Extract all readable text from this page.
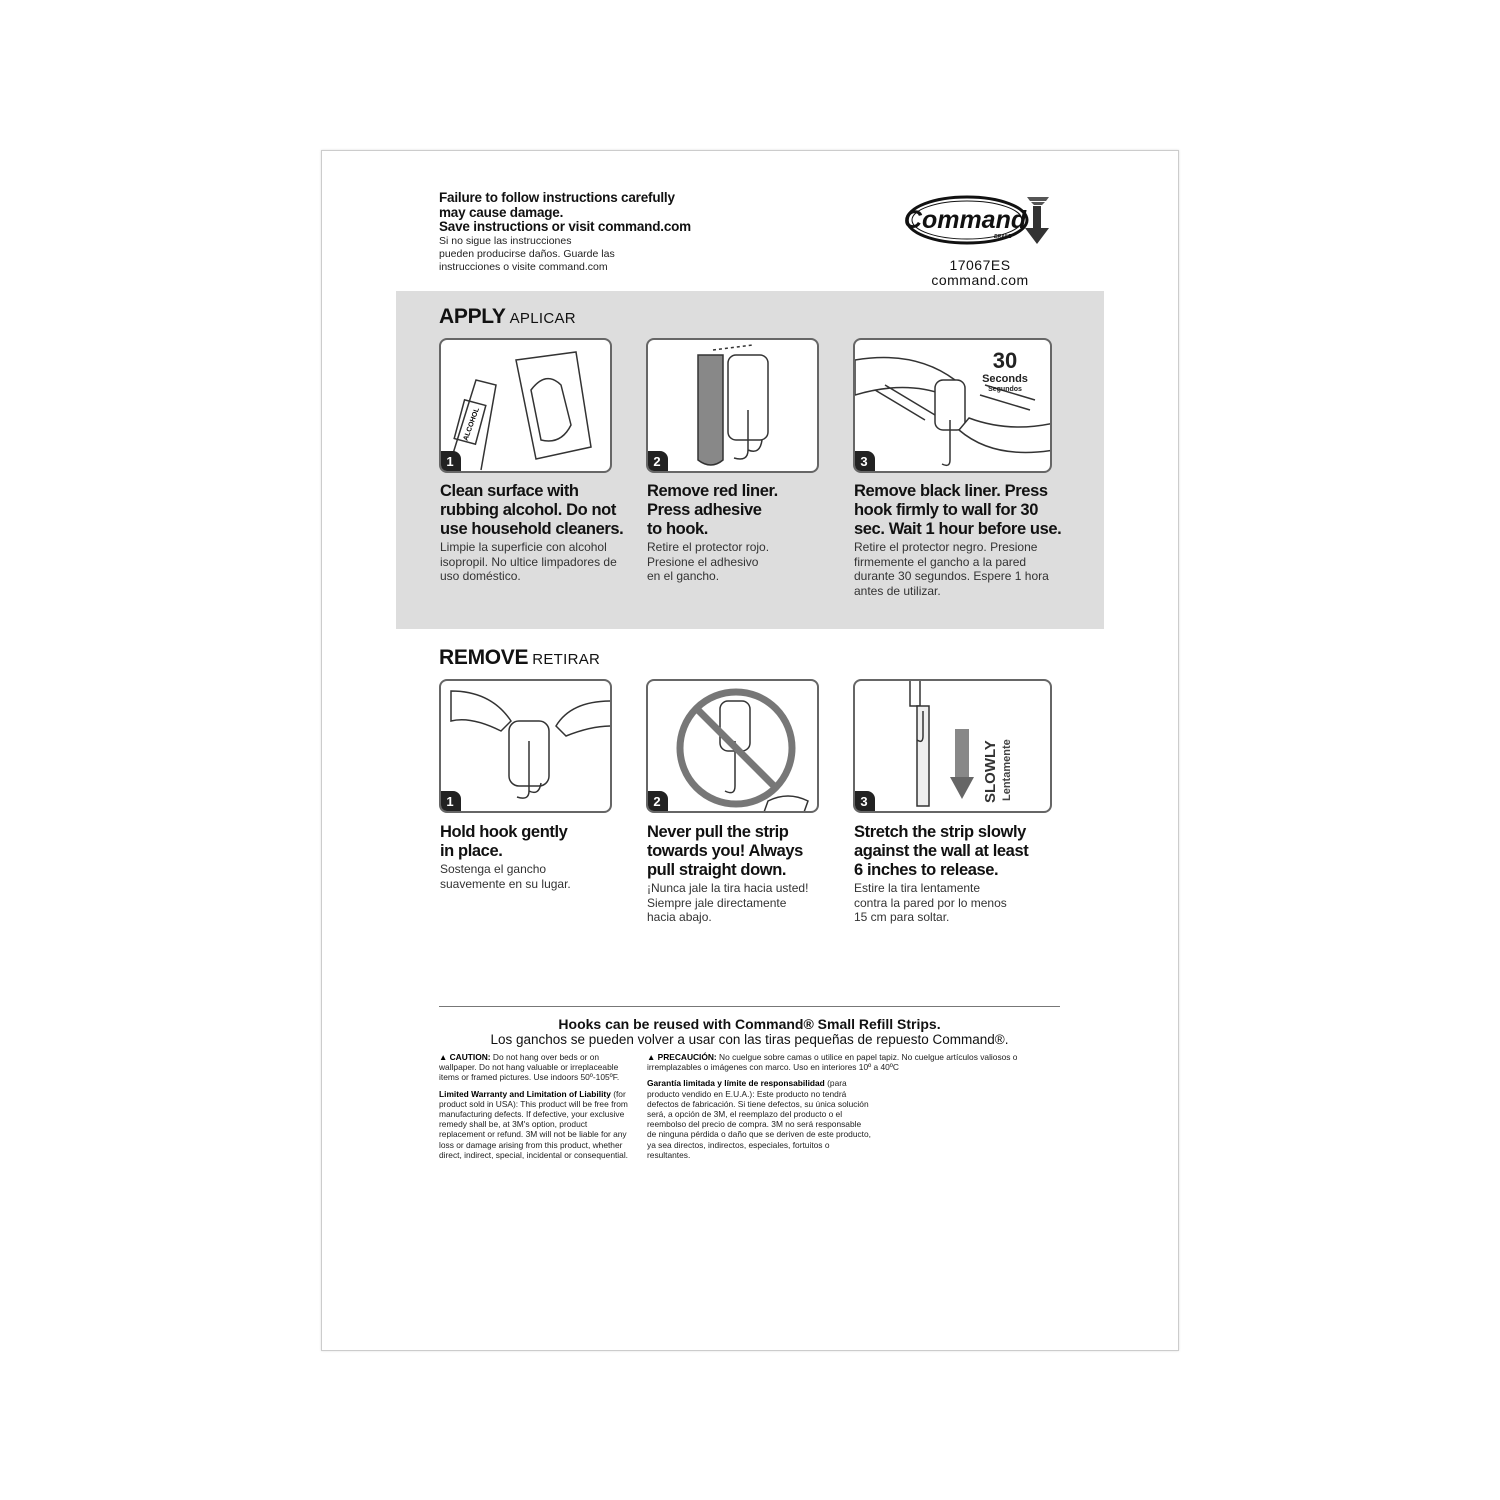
Failure to follow instructions carefully
may cause damage.
Save instructions or visit command.com
Si no sigue las instrucciones
pueden producirse daños. Guarde las
instrucciones o visite command.com
Command
BRAND
17067ES
command.com
APPLY APLICAR
ALCOHOL
1	2
30
Seconds
Segundos
3
Clean surface with
rubbing alcohol. Do not
use household cleaners.
Limpie la superficie con alcohol
isopropil. No ultice limpadores de
uso doméstico.
Remove red liner.
Press adhesive
to hook.
Retire el protector rojo.
Presione el adhesivo
en el gancho.
Remove black liner. Press
hook firmly to wall for 30
sec. Wait 1 hour before use.
Retire el protector negro. Presione
firmemente el gancho a la pared
durante 30 segundos. Espere 1 hora
antes de utilizar.
REMOVE RETIRAR
1	2	SLOWLY Lentamente
3
Hold hook gently
in place.
Sostenga el gancho
suavemente en su lugar.
Never pull the strip
towards you! Always
pull straight down.
¡Nunca jale la tira hacia usted!
Siempre jale directamente
hacia abajo.
Stretch the strip slowly
against the wall at least
6 inches to release.
Estire la tira lentamente
contra la pared por lo menos
15 cm para soltar.
Hooks can be reused with Command® Small Refill Strips.
Los ganchos se pueden volver a usar con las tiras pequeñas de repuesto Command®.
▲ CAUTION: Do not hang over beds or on wallpaper. Do not hang valuable or irreplaceable items or framed pictures. Use indoors 50º-105ºF.
Limited Warranty and Limitation of Liability (for product sold in USA): This product will be free from manufacturing defects. If defective, your exclusive remedy shall be, at 3M's option, product replacement or refund. 3M will not be liable for any loss or damage arising from this product, whether direct, indirect, special, incidental or consequential.
▲ PRECAUCIÓN: No cuelgue sobre camas o utilice en papel tapiz. No cuelgue artículos valiosos o irremplazables o imágenes con marco. Uso en interiores 10º a 40ºC
Garantía limitada y límite de responsabilidad (para producto vendido en E.U.A.): Este producto no tendrá defectos de fabricación. Si tiene defectos, su única solución será, a opción de 3M, el reemplazo del producto o el reembolso del precio de compra. 3M no será responsable de ninguna pérdida o daño que se deriven de este producto, ya sea directos, indirectos, especiales, fortuitos o resultantes.
